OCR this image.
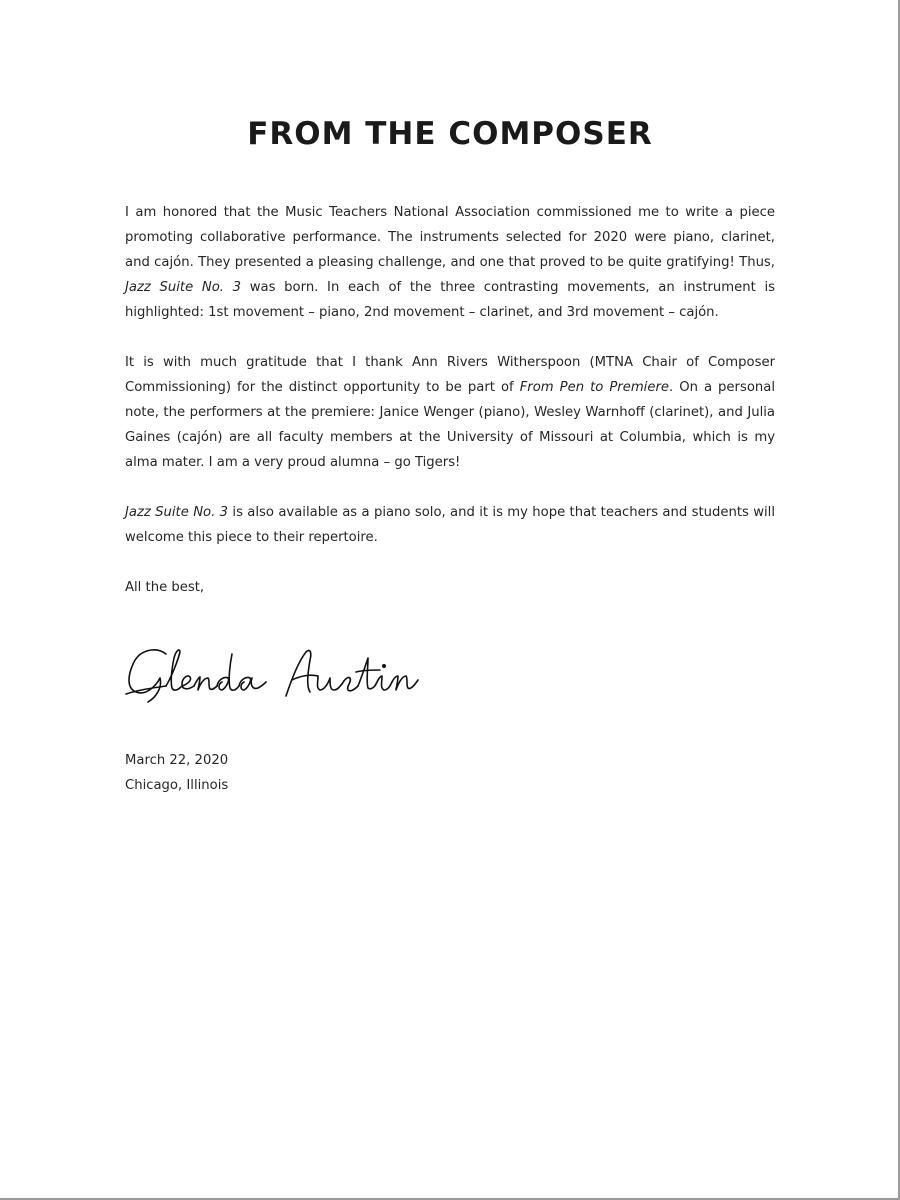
FROM THE COMPOSER

I am honored that the Music Teachers National Association commissioned me to write a piece promoting collaborative performance. The instruments selected for 2020 were piano, clarinet, and cajón. They presented a pleasing challenge, and one that proved to be quite gratifying! Thus, Jazz Suite No. 3 was born. In each of the three contrasting movements, an instrument is highlighted: 1st movement – piano, 2nd movement – clarinet, and 3rd movement – cajón.

It is with much gratitude that I thank Ann Rivers Witherspoon (MTNA Chair of Composer Commissioning) for the distinct opportunity to be part of From Pen to Premiere. On a personal note, the performers at the premiere: Janice Wenger (piano), Wesley Warnhoff (clarinet), and Julia Gaines (cajón) are all faculty members at the University of Missouri at Columbia, which is my alma mater. I am a very proud alumna – go Tigers!

Jazz Suite No. 3 is also available as a piano solo, and it is my hope that teachers and students will welcome this piece to their repertoire.

All the best,

March 22, 2020
Chicago, Illinois
